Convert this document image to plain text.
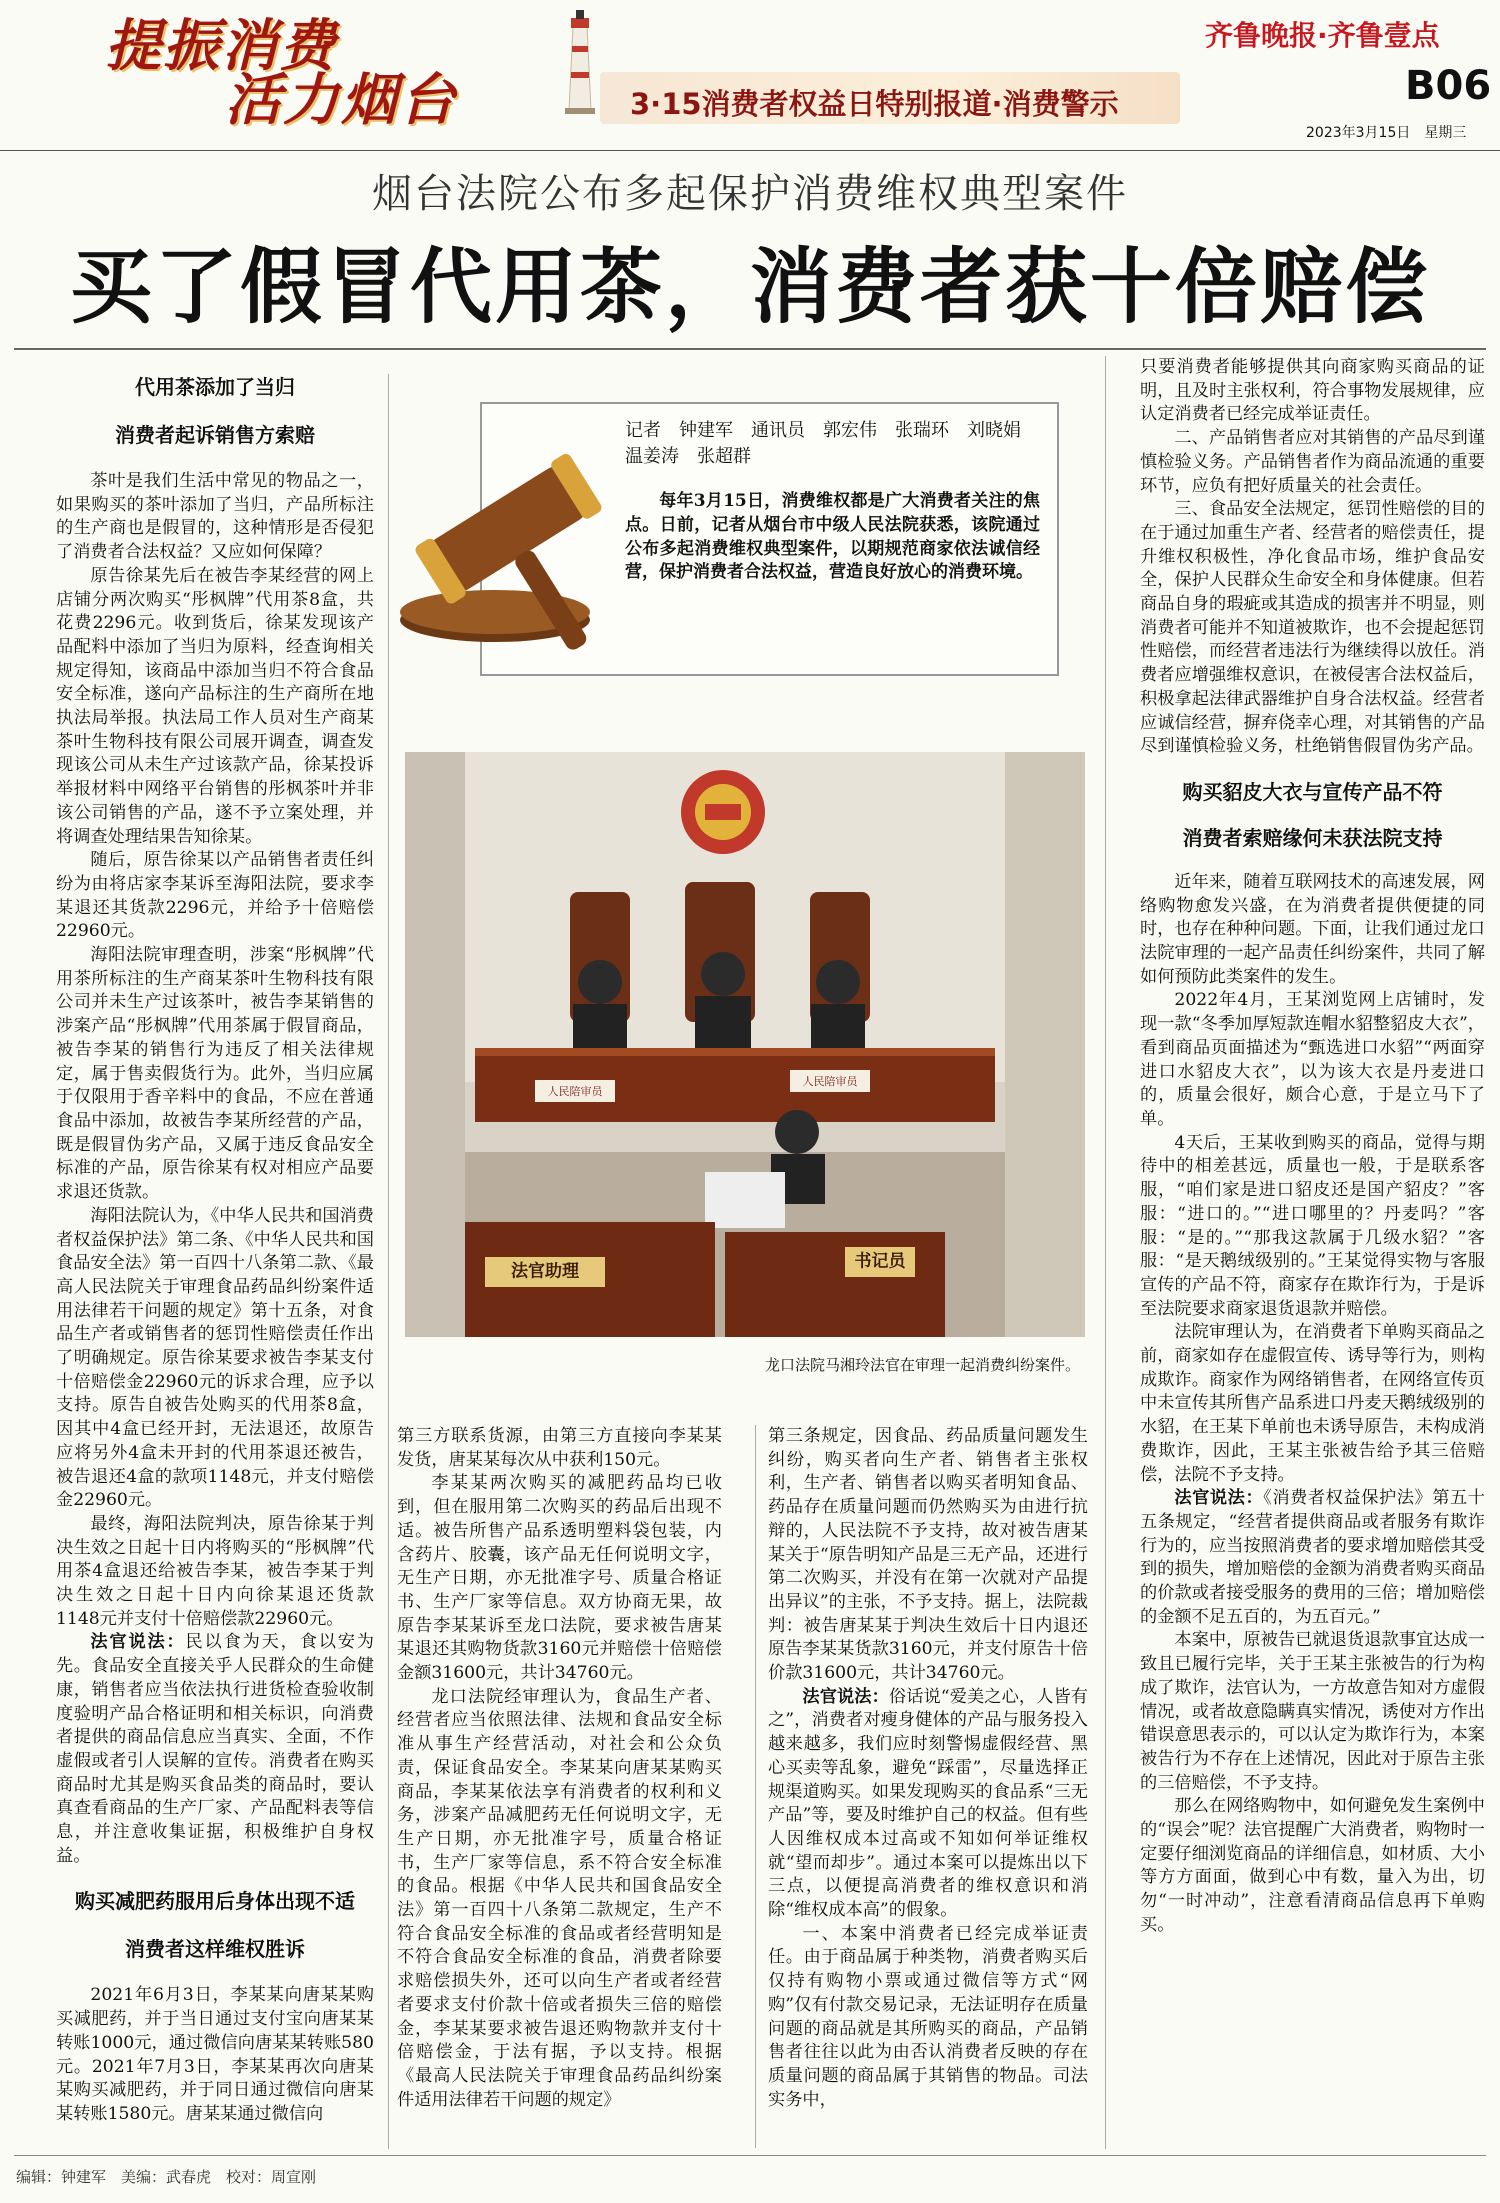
提振消费
活力烟台	3·15消费者权益日特别报道·消费警示
齐鲁晚报·齐鲁壹点
B06
2023年3月15日　星期三
烟台法院公布多起保护消费维权典型案件
买了假冒代用茶，消费者获十倍赔偿
代用茶添加了当归
消费者起诉销售方索赔

茶叶是我们生活中常见的物品之一，如果购买的茶叶添加了当归，产品所标注的生产商也是假冒的，这种情形是否侵犯了消费者合法权益？又应如何保障？

原告徐某先后在被告李某经营的网上店铺分两次购买“彤枫牌”代用茶8盒，共花费2296元。收到货后，徐某发现该产品配料中添加了当归为原料，经查询相关规定得知，该商品中添加当归不符合食品安全标准，遂向产品标注的生产商所在地执法局举报。执法局工作人员对生产商某茶叶生物科技有限公司展开调查，调查发现该公司从未生产过该款产品，徐某投诉举报材料中网络平台销售的彤枫茶叶并非该公司销售的产品，遂不予立案处理，并将调查处理结果告知徐某。

随后，原告徐某以产品销售者责任纠纷为由将店家李某诉至海阳法院，要求李某退还其货款2296元，并给予十倍赔偿22960元。

海阳法院审理查明，涉案“彤枫牌”代用茶所标注的生产商某茶叶生物科技有限公司并未生产过该茶叶，被告李某销售的涉案产品“彤枫牌”代用茶属于假冒商品，被告李某的销售行为违反了相关法律规定，属于售卖假货行为。此外，当归应属于仅限用于香辛料中的食品，不应在普通食品中添加，故被告李某所经营的产品，既是假冒伪劣产品，又属于违反食品安全标准的产品，原告徐某有权对相应产品要求退还货款。

海阳法院认为，《中华人民共和国消费者权益保护法》第二条、《中华人民共和国食品安全法》第一百四十八条第二款、《最高人民法院关于审理食品药品纠纷案件适用法律若干问题的规定》第十五条，对食品生产者或销售者的惩罚性赔偿责任作出了明确规定。原告徐某要求被告李某支付十倍赔偿金22960元的诉求合理，应予以支持。原告自被告处购买的代用茶8盒，因其中4盒已经开封，无法退还，故原告应将另外4盒未开封的代用茶退还被告，被告退还4盒的款项1148元，并支付赔偿金22960元。

最终，海阳法院判决，原告徐某于判决生效之日起十日内将购买的“彤枫牌”代用茶4盒退还给被告李某，被告李某于判决生效之日起十日内向徐某退还货款1148元并支付十倍赔偿款22960元。

法官说法：民以食为天，食以安为先。食品安全直接关乎人民群众的生命健康，销售者应当依法执行进货检查验收制度验明产品合格证明和相关标识，向消费者提供的商品信息应当真实、全面，不作虚假或者引人误解的宣传。消费者在购买商品时尤其是购买食品类的商品时，要认真查看商品的生产厂家、产品配料表等信息，并注意收集证据，积极维护自身权益。

购买减肥药服用后身体出现不适
消费者这样维权胜诉

2021年6月3日，李某某向唐某某购买减肥药，并于当日通过支付宝向唐某某转账1000元，通过微信向唐某某转账580元。2021年7月3日，李某某再次向唐某某购买减肥药，并于同日通过微信向唐某某转账1580元。唐某某通过微信向

记者　钟建军　通讯员　郭宏伟　张瑞环　刘晓娟　温姜涛　张超群
每年3月15日，消费维权都是广大消费者关注的焦点。日前，记者从烟台市中级人民法院获悉，该院通过公布多起消费维权典型案件，以期规范商家依法诚信经营，保护消费者合法权益，营造良好放心的消费环境。
法官助理	书记员
人民陪审员
人民陪审员
龙口法院马湘玲法官在审理一起消费纠纷案件。

第三方联系货源，由第三方直接向李某某发货，唐某某每次从中获利150元。

李某某两次购买的减肥药品均已收到，但在服用第二次购买的药品后出现不适。被告所售产品系透明塑料袋包装，内含药片、胶囊，该产品无任何说明文字，无生产日期，亦无批准字号、质量合格证书、生产厂家等信息。双方协商无果，故原告李某某诉至龙口法院，要求被告唐某某退还其购物货款3160元并赔偿十倍赔偿金额31600元，共计34760元。

龙口法院经审理认为，食品生产者、经营者应当依照法律、法规和食品安全标准从事生产经营活动，对社会和公众负责，保证食品安全。李某某向唐某某购买商品，李某某依法享有消费者的权利和义务，涉案产品减肥药无任何说明文字，无生产日期，亦无批准字号，质量合格证书，生产厂家等信息，系不符合安全标准的食品。根据《中华人民共和国食品安全法》第一百四十八条第二款规定，生产不符合食品安全标准的食品或者经营明知是不符合食品安全标准的食品，消费者除要求赔偿损失外，还可以向生产者或者经营者要求支付价款十倍或者损失三倍的赔偿金，李某某要求被告退还购物款并支付十倍赔偿金，于法有据，予以支持。根据《最高人民法院关于审理食品药品纠纷案件适用法律若干问题的规定》

第三条规定，因食品、药品质量问题发生纠纷，购买者向生产者、销售者主张权利，生产者、销售者以购买者明知食品、药品存在质量问题而仍然购买为由进行抗辩的，人民法院不予支持，故对被告唐某某关于“原告明知产品是三无产品，还进行第二次购买，并没有在第一次就对产品提出异议”的主张，不予支持。据上，法院裁判：被告唐某某于判决生效后十日内退还原告李某某货款3160元，并支付原告十倍价款31600元，共计34760元。

法官说法：俗话说“爱美之心，人皆有之”，消费者对瘦身健体的产品与服务投入越来越多，我们应时刻警惕虚假经营、黑心买卖等乱象，避免“踩雷”，尽量选择正规渠道购买。如果发现购买的食品系“三无产品”等，要及时维护自己的权益。但有些人因维权成本过高或不知如何举证维权就“望而却步”。通过本案可以提炼出以下三点，以便提高消费者的维权意识和消除“维权成本高”的假象。

一、本案中消费者已经完成举证责任。由于商品属于种类物，消费者购买后仅持有购物小票或通过微信等方式“网购”仅有付款交易记录，无法证明存在质量问题的商品就是其所购买的商品，产品销售者往往以此为由否认消费者反映的存在质量问题的商品属于其销售的物品。司法实务中，

只要消费者能够提供其向商家购买商品的证明，且及时主张权利，符合事物发展规律，应认定消费者已经完成举证责任。

二、产品销售者应对其销售的产品尽到谨慎检验义务。产品销售者作为商品流通的重要环节，应负有把好质量关的社会责任。

三、食品安全法规定，惩罚性赔偿的目的在于通过加重生产者、经营者的赔偿责任，提升维权积极性，净化食品市场，维护食品安全，保护人民群众生命安全和身体健康。但若商品自身的瑕疵或其造成的损害并不明显，则消费者可能并不知道被欺诈，也不会提起惩罚性赔偿，而经营者违法行为继续得以放任。消费者应增强维权意识，在被侵害合法权益后，积极拿起法律武器维护自身合法权益。经营者应诚信经营，摒弃侥幸心理，对其销售的产品尽到谨慎检验义务，杜绝销售假冒伪劣产品。

购买貂皮大衣与宣传产品不符
消费者索赔缘何未获法院支持

近年来，随着互联网技术的高速发展，网络购物愈发兴盛，在为消费者提供便捷的同时，也存在种种问题。下面，让我们通过龙口法院审理的一起产品责任纠纷案件，共同了解如何预防此类案件的发生。

2022年4月，王某浏览网上店铺时，发现一款“冬季加厚短款连帽水貂整貂皮大衣”，看到商品页面描述为“甄选进口水貂”“两面穿进口水貂皮大衣”，以为该大衣是丹麦进口的，质量会很好，颇合心意，于是立马下了单。

4天后，王某收到购买的商品，觉得与期待中的相差甚远，质量也一般，于是联系客服，“咱们家是进口貂皮还是国产貂皮？”客服：“进口的。”“进口哪里的？丹麦吗？”客服：“是的。”“那我这款属于几级水貂？”客服：“是天鹅绒级别的。”王某觉得实物与客服宣传的产品不符，商家存在欺诈行为，于是诉至法院要求商家退货退款并赔偿。

法院审理认为，在消费者下单购买商品之前，商家如存在虚假宣传、诱导等行为，则构成欺诈。商家作为网络销售者，在网络宣传页中未宣传其所售产品系进口丹麦天鹅绒级别的水貂，在王某下单前也未诱导原告，未构成消费欺诈，因此，王某主张被告给予其三倍赔偿，法院不予支持。

法官说法：《消费者权益保护法》第五十五条规定，“经营者提供商品或者服务有欺诈行为的，应当按照消费者的要求增加赔偿其受到的损失，增加赔偿的金额为消费者购买商品的价款或者接受服务的费用的三倍；增加赔偿的金额不足五百的，为五百元。”

本案中，原被告已就退货退款事宜达成一致且已履行完毕，关于王某主张被告的行为构成了欺诈，法官认为，一方故意告知对方虚假情况，或者故意隐瞒真实情况，诱使对方作出错误意思表示的，可以认定为欺诈行为，本案被告行为不存在上述情况，因此对于原告主张的三倍赔偿，不予支持。

那么在网络购物中，如何避免发生案例中的“误会”呢？法官提醒广大消费者，购物时一定要仔细浏览商品的详细信息，如材质、大小等方方面面，做到心中有数，量入为出，切勿“一时冲动”，注意看清商品信息再下单购买。

编辑：钟建军　美编：武春虎　校对：周宣刚
